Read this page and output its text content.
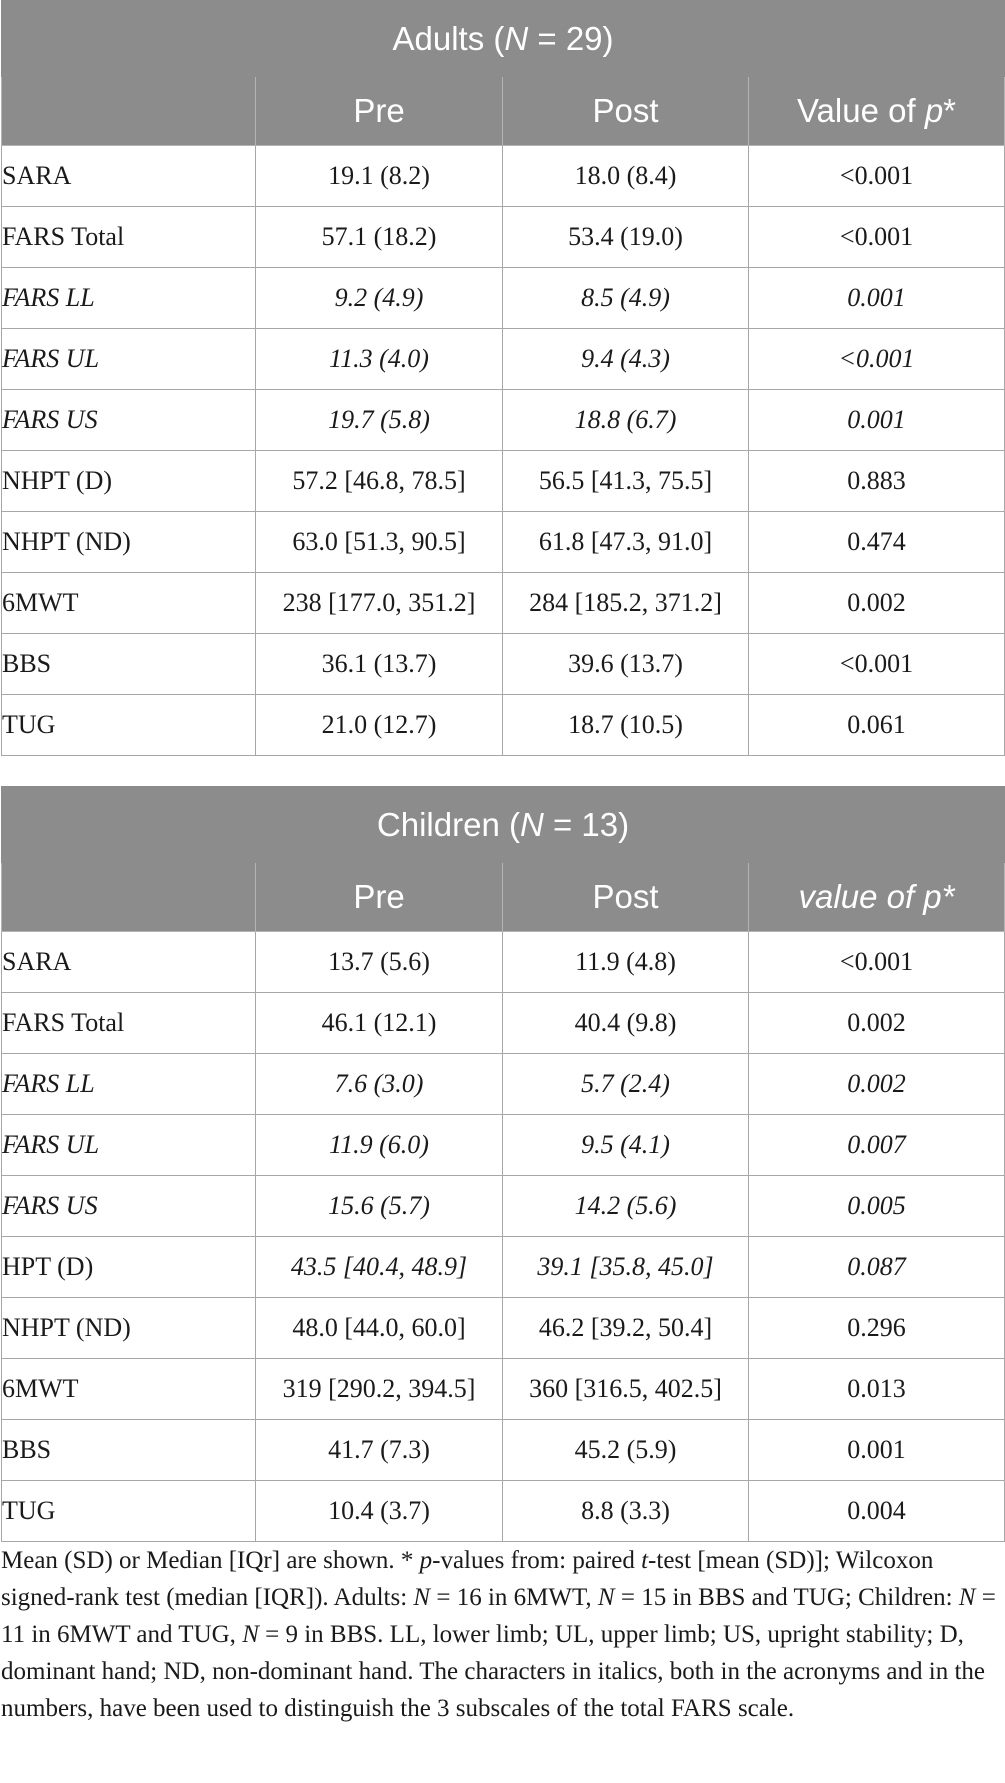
Adults (N = 29)			
	Pre	Post	Value of p*
SARA	19.1 (8.2)	18.0 (8.4)	<0.001
FARS Total	57.1 (18.2)	53.4 (19.0)	<0.001
FARS LL	9.2 (4.9)	8.5 (4.9)	0.001
FARS UL	11.3 (4.0)	9.4 (4.3)	<0.001
FARS US	19.7 (5.8)	18.8 (6.7)	0.001
NHPT (D)	57.2 [46.8, 78.5]	56.5 [41.3, 75.5]	0.883
NHPT (ND)	63.0 [51.3, 90.5]	61.8 [47.3, 91.0]	0.474
6MWT	238 [177.0, 351.2]	284 [185.2, 371.2]	0.002
BBS	36.1 (13.7)	39.6 (13.7)	<0.001
TUG	21.0 (12.7)	18.7 (10.5)	0.061
Children (N = 13)			
	Pre	Post	value of p*
SARA	13.7 (5.6)	11.9 (4.8)	<0.001
FARS Total	46.1 (12.1)	40.4 (9.8)	0.002
FARS LL	7.6 (3.0)	5.7 (2.4)	0.002
FARS UL	11.9 (6.0)	9.5 (4.1)	0.007
FARS US	15.6 (5.7)	14.2 (5.6)	0.005
HPT (D)	43.5 [40.4, 48.9]	39.1 [35.8, 45.0]	0.087
NHPT (ND)	48.0 [44.0, 60.0]	46.2 [39.2, 50.4]	0.296
6MWT	319 [290.2, 394.5]	360 [316.5, 402.5]	0.013
BBS	41.7 (7.3)	45.2 (5.9)	0.001
TUG	10.4 (3.7)	8.8 (3.3)	0.004
Mean (SD) or Median [IQr] are shown. * p-values from: paired t-test [mean (SD)]; Wilcoxon signed-rank test (median [IQR]). Adults: N = 16 in 6MWT, N = 15 in BBS and TUG; Children: N = 11 in 6MWT and TUG, N = 9 in BBS. LL, lower limb; UL, upper limb; US, upright stability; D, dominant hand; ND, non-dominant hand. The characters in italics, both in the acronyms and in the numbers, have been used to distinguish the 3 subscales of the total FARS scale.
